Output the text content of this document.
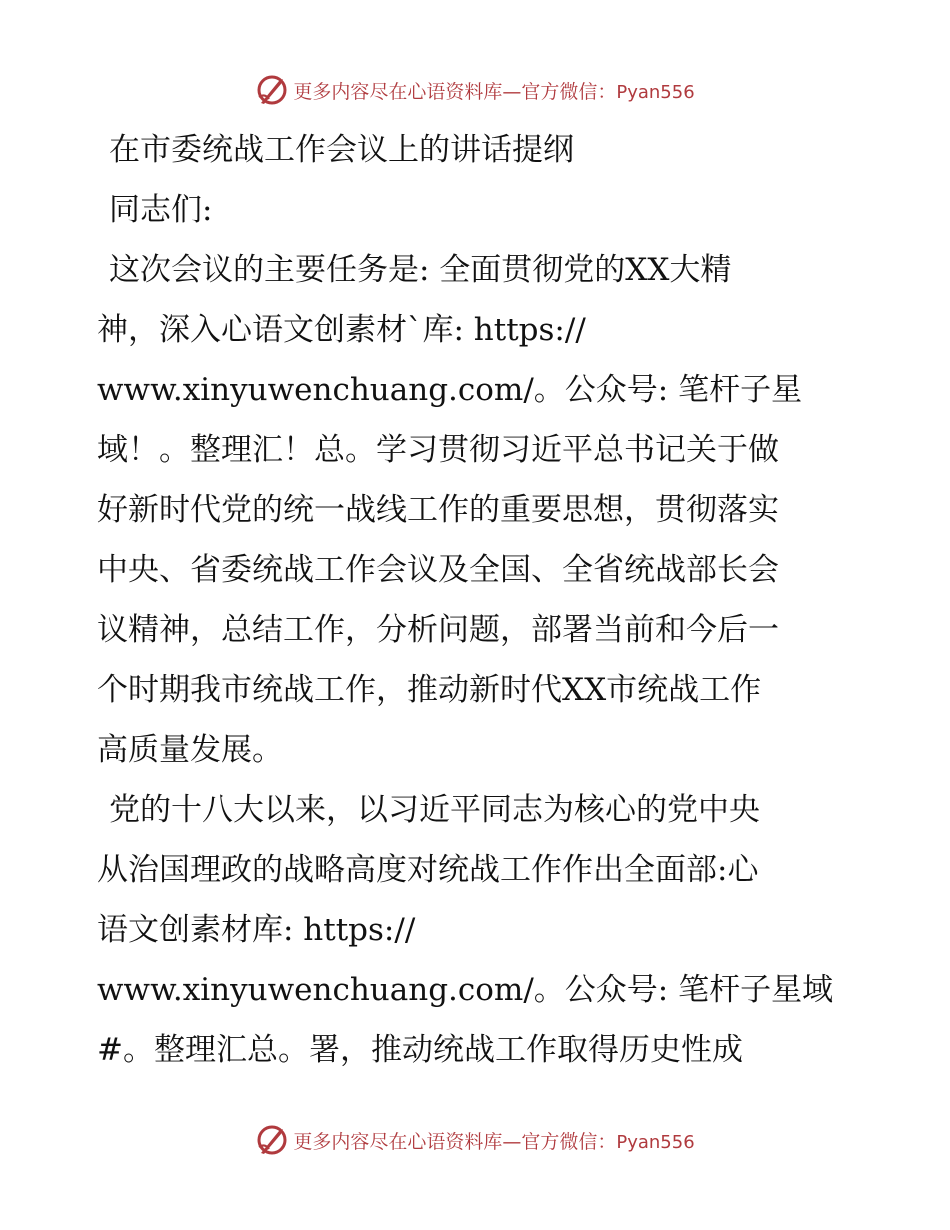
更多内容尽在心语资料库—官方微信：Pyan556

在市委统战工作会议上的讲话提纲

同志们:

这次会议的主要任务是: 全面贯彻党的XX大精
神，深入心语文创素材`库: https://
www.xinyuwenchuang.com/。公众号: 笔杆子星
域！。整理汇！总。学习贯彻习近平总书记关于做
好新时代党的统一战线工作的重要思想，贯彻落实
中央、省委统战工作会议及全国、全省统战部长会
议精神，总结工作，分析问题，部署当前和今后一
个时期我市统战工作，推动新时代XX市统战工作
高质量发展。

党的十八大以来，以习近平同志为核心的党中央
从治国理政的战略高度对统战工作作出全面部:心
语文创素材库: https://
www.xinyuwenchuang.com/。公众号: 笔杆子星域
#。整理汇总。署，推动统战工作取得历史性成

更多内容尽在心语资料库—官方微信：Pyan556
